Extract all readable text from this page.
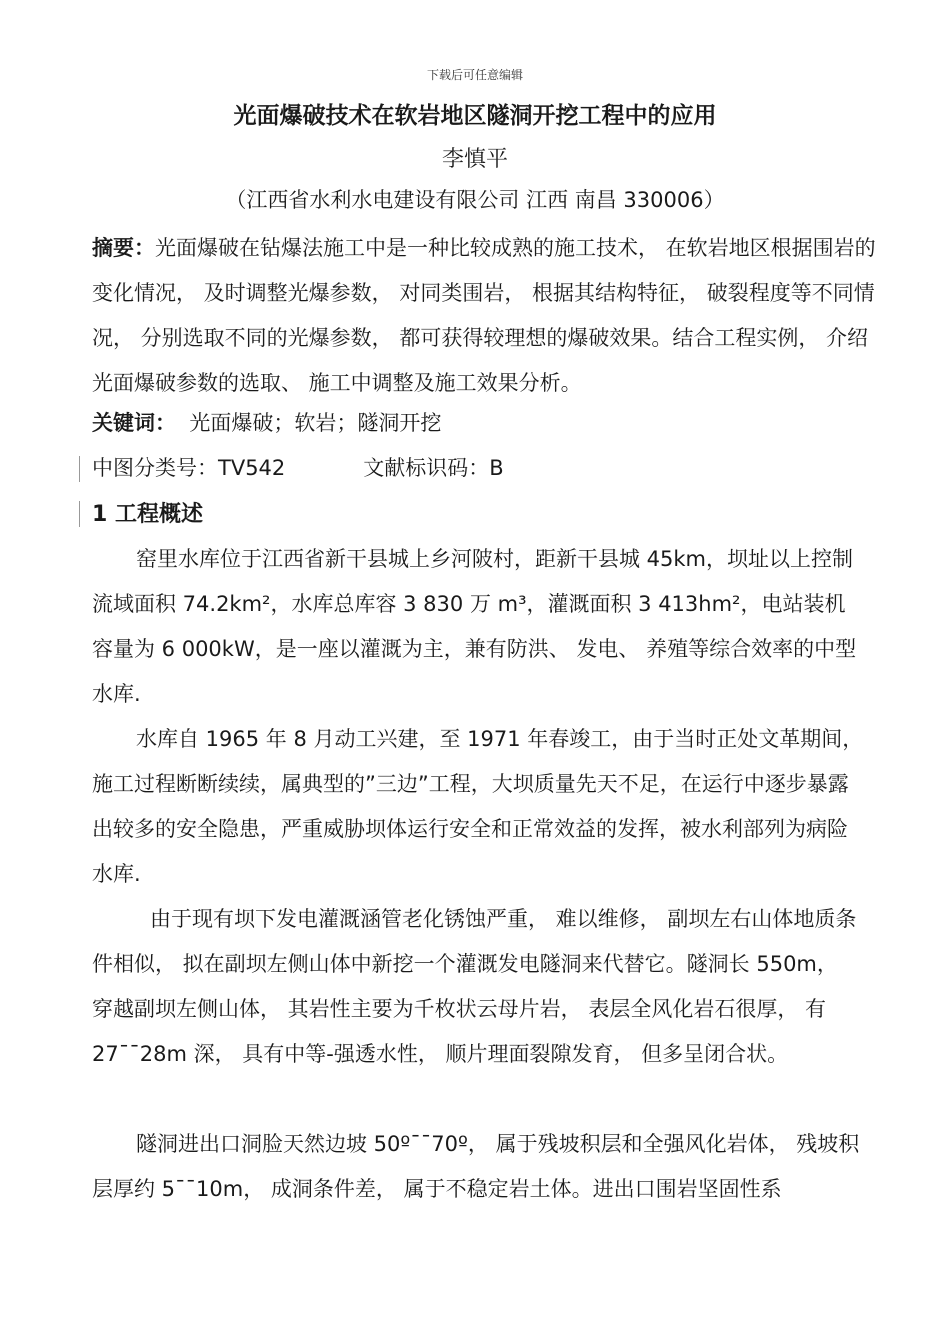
下载后可任意编辑
光面爆破技术在软岩地区隧洞开挖工程中的应用
李慎平
（江西省水利水电建设有限公司 江西 南昌 330006）
摘要：光面爆破在钻爆法施工中是一种比较成熟的施工技术， 在软岩地区根据围岩的变化情况， 及时调整光爆参数， 对同类围岩， 根据其结构特征， 破裂程度等不同情况， 分别选取不同的光爆参数， 都可获得较理想的爆破效果。结合工程实例， 介绍光面爆破参数的选取、 施工中调整及施工效果分析。
关键词： 光面爆破；软岩；隧洞开挖
中图分类号：TV542	文献标识码：B
1 工程概述

窑里水库位于江西省新干县城上乡河陂村，距新干县城 45km，坝址以上控制流域面积 74.2km²，水库总库容 3 830 万 m³，灌溉面积 3 413hm²，电站装机容量为 6 000kW，是一座以灌溉为主，兼有防洪、 发电、 养殖等综合效率的中型水库.

水库自 1965 年 8 月动工兴建，至 1971 年春竣工，由于当时正处文革期间，施工过程断断续续，属典型的”三边”工程，大坝质量先天不足，在运行中逐步暴露出较多的安全隐患，严重威胁坝体运行安全和正常效益的发挥，被水利部列为病险水库.

由于现有坝下发电灌溉涵管老化锈蚀严重， 难以维修， 副坝左右山体地质条件相似， 拟在副坝左侧山体中新挖一个灌溉发电隧洞来代替它。隧洞长 550m， 穿越副坝左侧山体， 其岩性主要为千枚状云母片岩， 表层全风化岩石很厚， 有 27¯¯28m 深， 具有中等-强透水性， 顺片理面裂隙发育， 但多呈闭合状。

隧洞进出口洞脸天然边坡 50º¯¯70º， 属于残坡积层和全强风化岩体， 残坡积层厚约 5¯¯10m， 成洞条件差， 属于不稳定岩土体。进出口围岩坚固性系
